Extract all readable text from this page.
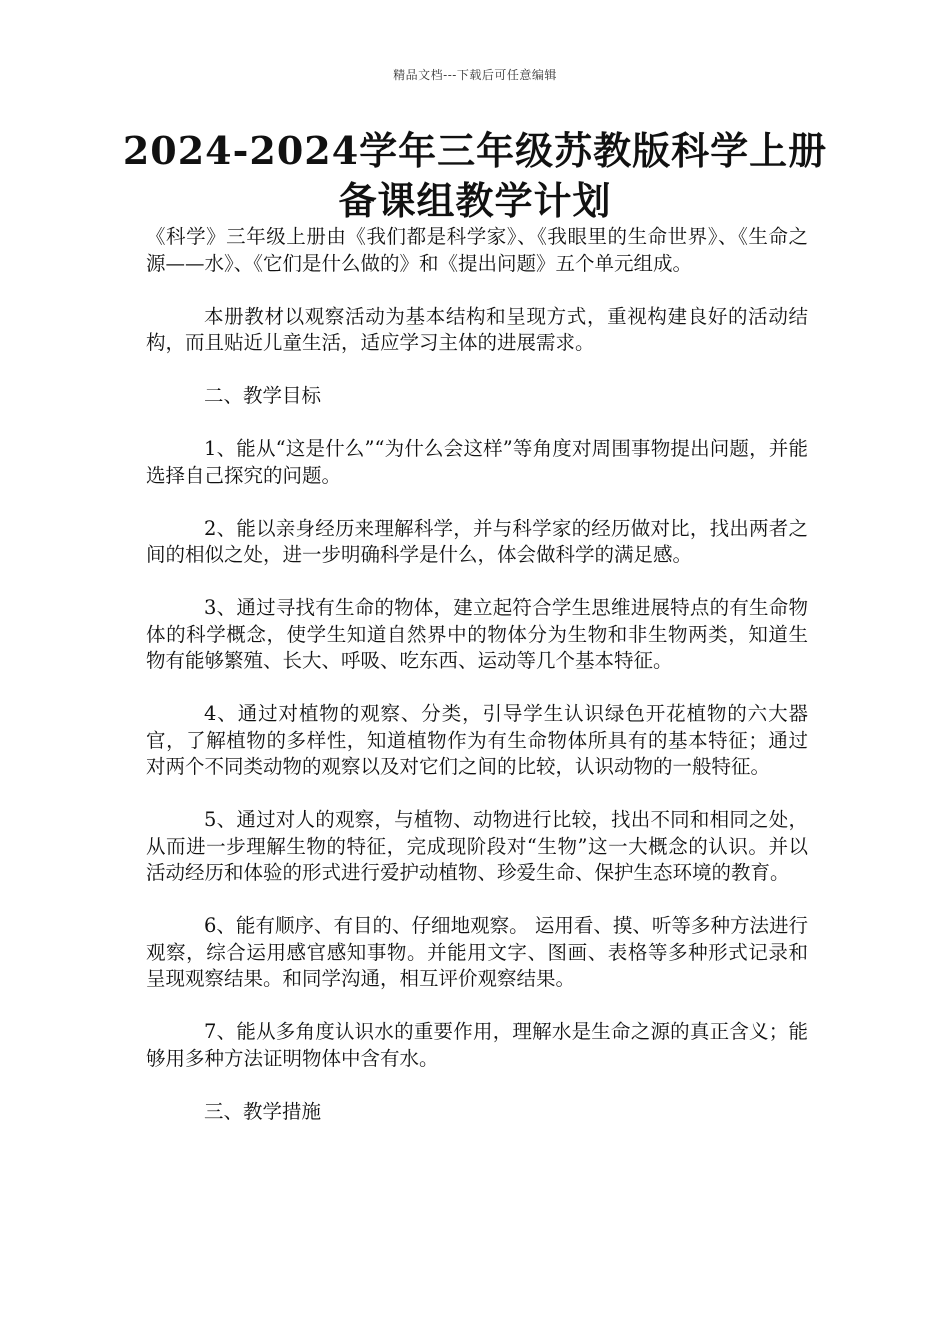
精品文档---下载后可任意编辑
2024-2024学年三年级苏教版科学上册
备课组教学计划

《科学》三年级上册由《我们都是科学家》、《我眼里的生命世界》、《生命之源——水》、《它们是什么做的》和《提出问题》五个单元组成。

本册教材以观察活动为基本结构和呈现方式，重视构建良好的活动结构，而且贴近儿童生活，适应学习主体的进展需求。

二、教学目标

1、能从“这是什么”“为什么会这样”等角度对周围事物提出问题，并能选择自己探究的问题。

2、能以亲身经历来理解科学，并与科学家的经历做对比，找出两者之间的相似之处，进一步明确科学是什么，体会做科学的满足感。

3、通过寻找有生命的物体，建立起符合学生思维进展特点的有生命物体的科学概念，使学生知道自然界中的物体分为生物和非生物两类，知道生物有能够繁殖、长大、呼吸、吃东西、运动等几个基本特征。

4、通过对植物的观察、分类，引导学生认识绿色开花植物的六大器官，了解植物的多样性，知道植物作为有生命物体所具有的基本特征；通过对两个不同类动物的观察以及对它们之间的比较，认识动物的一般特征。

5、通过对人的观察，与植物、动物进行比较，找出不同和相同之处，从而进一步理解生物的特征，完成现阶段对“生物”这一大概念的认识。并以活动经历和体验的形式进行爱护动植物、珍爱生命、保护生态环境的教育。

6、能有顺序、有目的、仔细地观察。 运用看、摸、听等多种方法进行观察，综合运用感官感知事物。并能用文字、图画、表格等多种形式记录和呈现观察结果。和同学沟通，相互评价观察结果。

7、能从多角度认识水的重要作用，理解水是生命之源的真正含义；能够用多种方法证明物体中含有水。

三、教学措施
